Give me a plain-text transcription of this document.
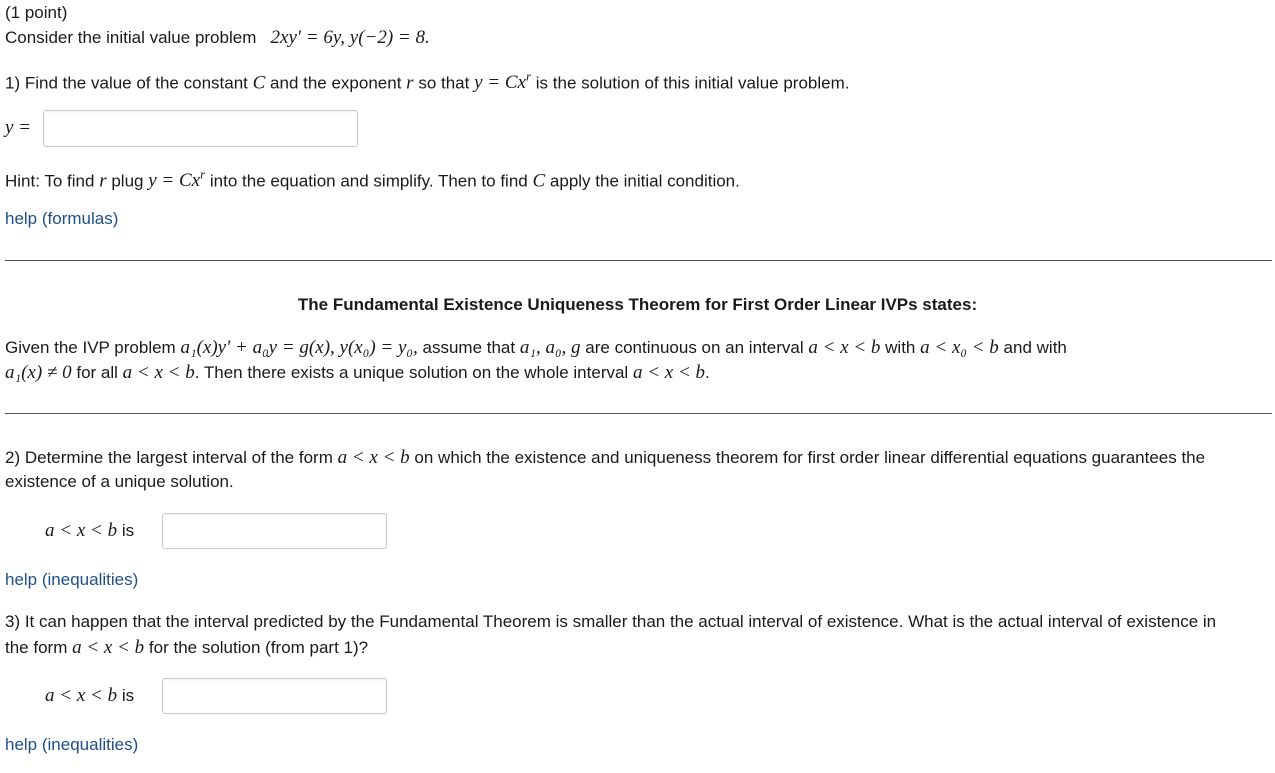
(1 point)
Consider the initial value problem 2xy′ = 6y, y(−2) = 8.
1) Find the value of the constant C and the exponent r so that $y = Cx^r$ is the solution of this initial value problem.
y =
Hint: To find r plug $y = Cx^r$ into the equation and simplify. Then to find C apply the initial condition.
help (formulas)
The Fundamental Existence Uniqueness Theorem for First Order Linear IVPs states:
Given the IVP problem a₁(x)y′ + a₀y = g(x), y(x₀) = y₀, assume that a₁, a₀, g are continuous on an interval a < x < b with a < x₀ < b and with
a₁(x) ≠ 0 for all a < x < b. Then there exists a unique solution on the whole interval a < x < b.
2) Determine the largest interval of the form a < x < b on which the existence and uniqueness theorem for first order linear differential equations guarantees the
existence of a unique solution.
a < x < b is
help (inequalities)
3) It can happen that the interval predicted by the Fundamental Theorem is smaller than the actual interval of existence. What is the actual interval of existence in
the form a < x < b for the solution (from part 1)?
a < x < b is
help (inequalities)
